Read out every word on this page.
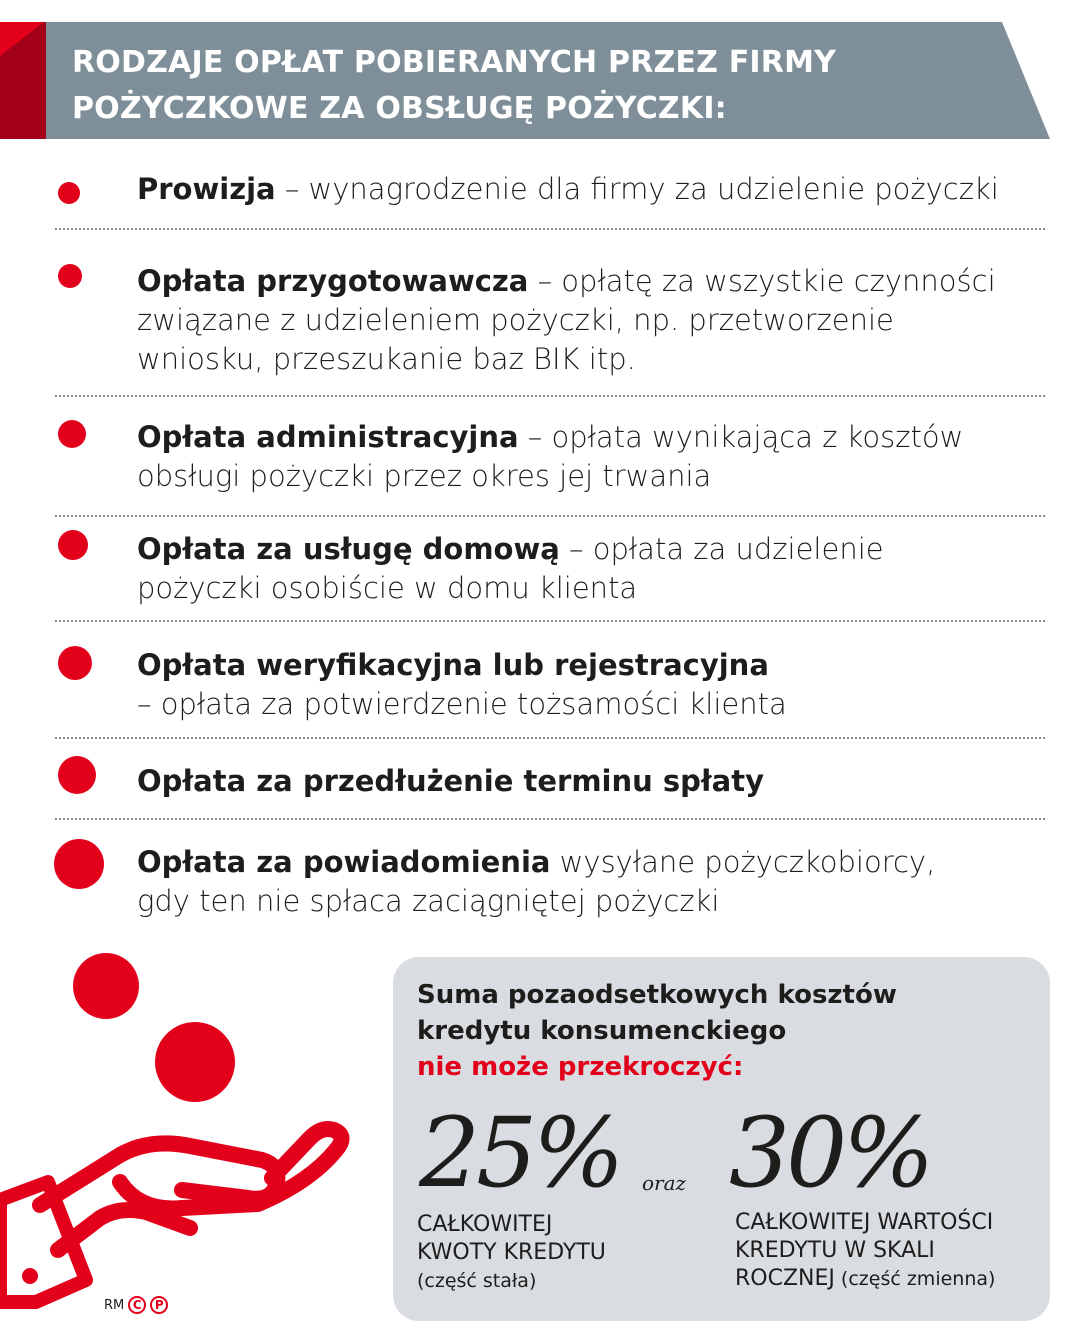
RODZAJE OPŁAT POBIERANYCH PRZEZ FIRMY
POŻYCZKOWE ZA OBSŁUGĘ POŻYCZKI:
Prowizja – wynagrodzenie dla firmy za udzielenie pożyczki
Opłata przygotowawcza – opłatę za wszystkie czynności
związane z udzieleniem pożyczki, np. przetworzenie
wniosku, przeszukanie baz BIK itp.
Opłata administracyjna – opłata wynikająca z kosztów
obsługi pożyczki przez okres jej trwania
Opłata za usługę domową – opłata za udzielenie
pożyczki osobiście w domu klienta
Opłata weryfikacyjna lub rejestracyjna
– opłata za potwierdzenie tożsamości klienta
Opłata za przedłużenie terminu spłaty
Opłata za powiadomienia wysyłane pożyczkobiorcy,
gdy ten nie spłaca zaciągniętej pożyczki
Suma pozaodsetkowych kosztów
kredytu konsumenckiego
nie może przekroczyć:
25% oraz 30%
CAŁKOWITEJ
KWOTY KREDYTU
(część stała)
CAŁKOWITEJ WARTOŚCI
KREDYTU W SKALI
ROCZNEJ (część zmienna)
RM C	P
